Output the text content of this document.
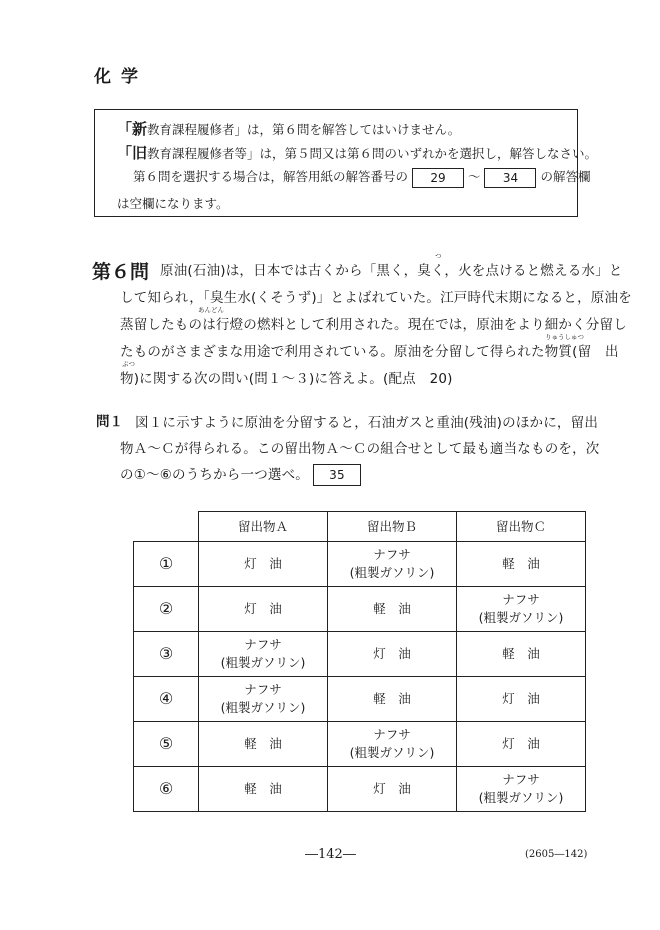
化学
「新教育課程履修者」は，第６問を解答してはいけません。
「旧教育課程履修者等」は，第５問又は第６問のいずれかを選択し，解答しなさい。
第６問を選択する場合は，解答用紙の解答番号の 29 ～ 34 の解答欄
は空欄になります。
第６問 原油(石油)は，日本では古くから「黒く，臭く，火を点けると燃える水」と
して知られ，「臭生水(くそうず)」とよばれていた。江戸時代末期になると，原油を
蒸留したものは行燈の燃料として利用された。現在では，原油をより細かく分留し
たものがさまざまな用途で利用されている。原油を分留して得られた物質(留　出
物)に関する次の問い(問１～３)に答えよ。(配点　20)
つ
あんどん
りゅうしゅつ
ぶつ
問１ 図１に示すように原油を分留すると，石油ガスと重油(残油)のほかに，留出
物Ａ～Ｃが得られる。この留出物Ａ～Ｃの組合せとして最も適当なものを，次
の①～⑥のうちから一つ選べ。 35
	留出物Ａ	留出物Ｂ	留出物Ｃ
①	灯　油	ナフサ
(粗製ガソリン)	軽　油
②	灯　油	軽　油	ナフサ
(粗製ガソリン)
③	ナフサ
(粗製ガソリン)	灯　油	軽　油
④	ナフサ
(粗製ガソリン)	軽　油	灯　油
⑤	軽　油	ナフサ
(粗製ガソリン)	灯　油
⑥	軽　油	灯　油	ナフサ
(粗製ガソリン)
―142―	(2605―142)
